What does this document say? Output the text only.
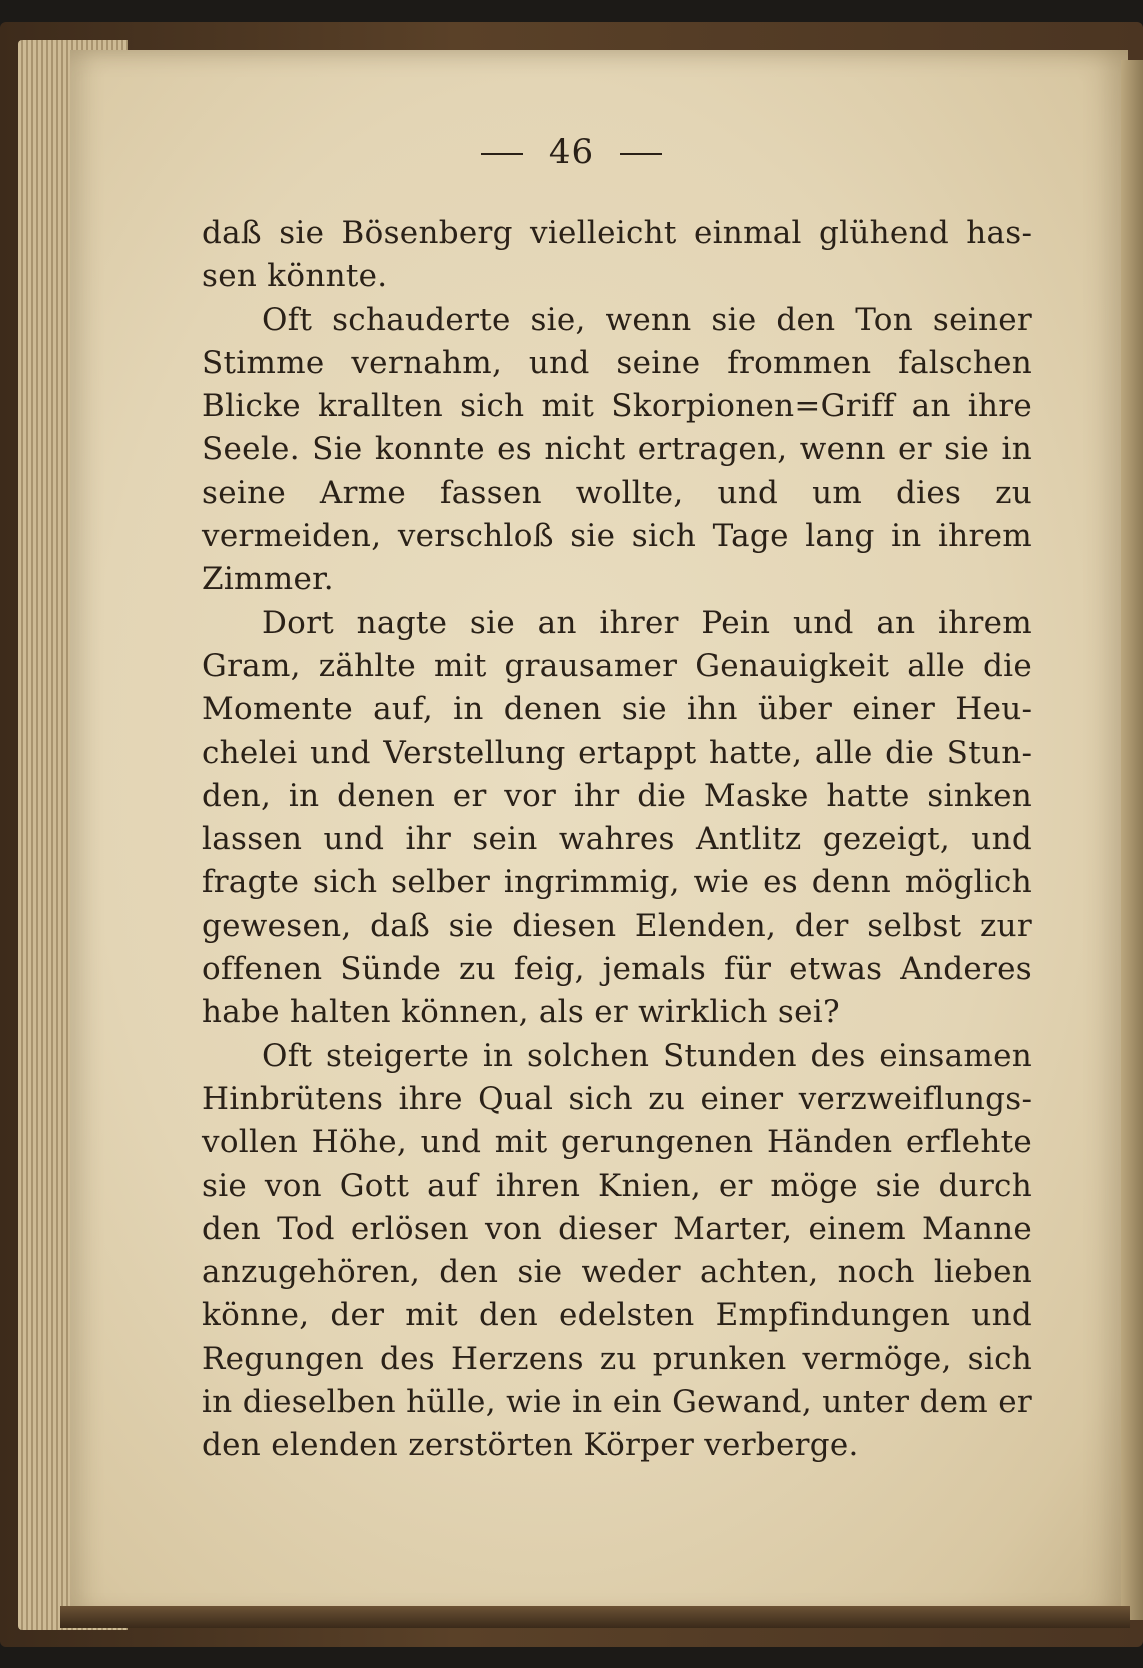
46

daß sie Bösenberg vielleicht einmal glühend hassen könnte.

Oft schauderte sie, wenn sie den Ton seiner Stimme vernahm, und seine frommen falschen Blicke krallten sich mit Skorpionen=Griff an ihre Seele. Sie konnte es nicht ertragen, wenn er sie in seine Arme fassen wollte, und um dies zu vermeiden, verschloß sie sich Tage lang in ihrem Zimmer.

Dort nagte sie an ihrer Pein und an ihrem Gram, zählte mit grausamer Genauigkeit alle die Momente auf, in denen sie ihn über einer Heuchelei und Verstellung ertappt hatte, alle die Stunden, in denen er vor ihr die Maske hatte sinken lassen und ihr sein wahres Antlitz gezeigt, und fragte sich selber ingrimmig, wie es denn möglich gewesen, daß sie diesen Elenden, der selbst zur offenen Sünde zu feig, jemals für etwas Anderes habe halten können, als er wirklich sei?

Oft steigerte in solchen Stunden des einsamen Hinbrütens ihre Qual sich zu einer verzweiflungsvollen Höhe, und mit gerungenen Händen erflehte sie von Gott auf ihren Knien, er möge sie durch den Tod erlösen von dieser Marter, einem Manne anzugehören, den sie weder achten, noch lieben könne, der mit den edelsten Empfindungen und Regungen des Herzens zu prunken vermöge, sich in dieselben hülle, wie in ein Gewand, unter dem er den elenden zerstörten Körper verberge.
